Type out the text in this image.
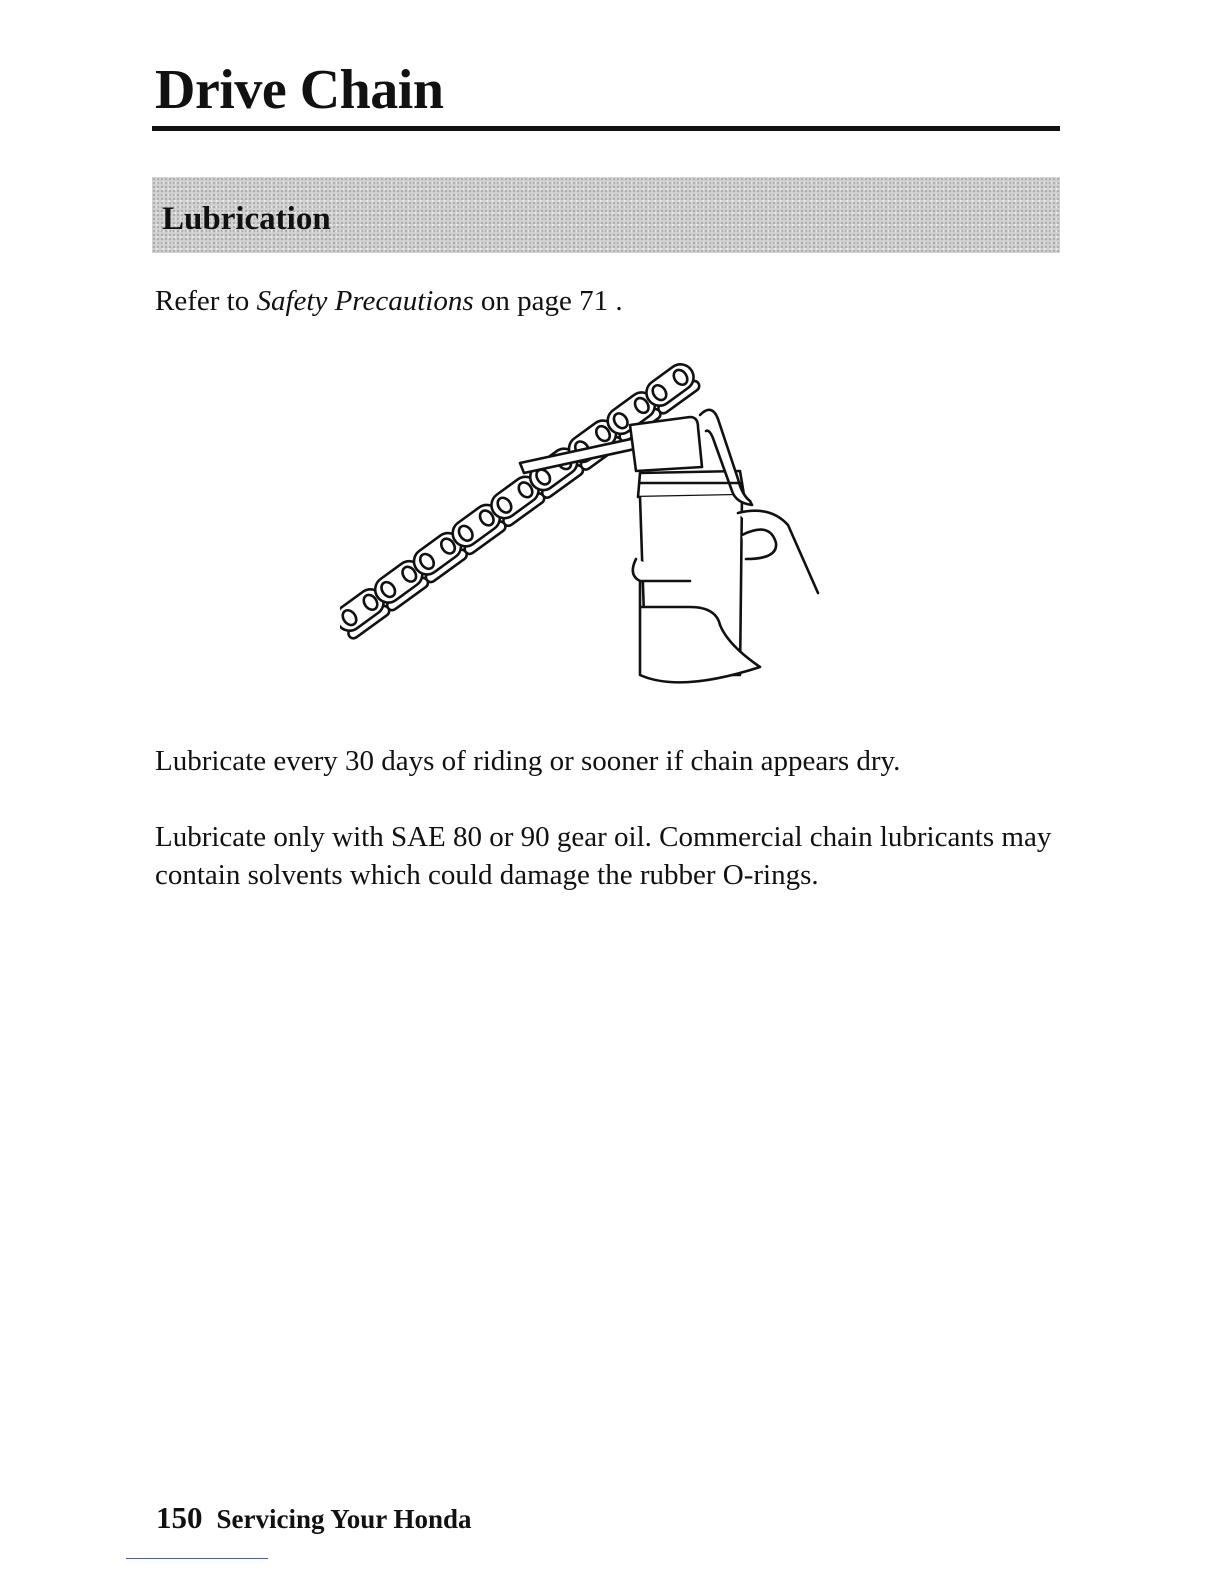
Drive Chain
Lubrication

Refer to Safety Precautions on page 71 .

Lubricate every 30 days of riding or sooner if chain appears dry.

Lubricate only with SAE 80 or 90 gear oil. Commercial chain lubricants may contain solvents which could damage the rubber O-rings.

150 Servicing Your Honda
